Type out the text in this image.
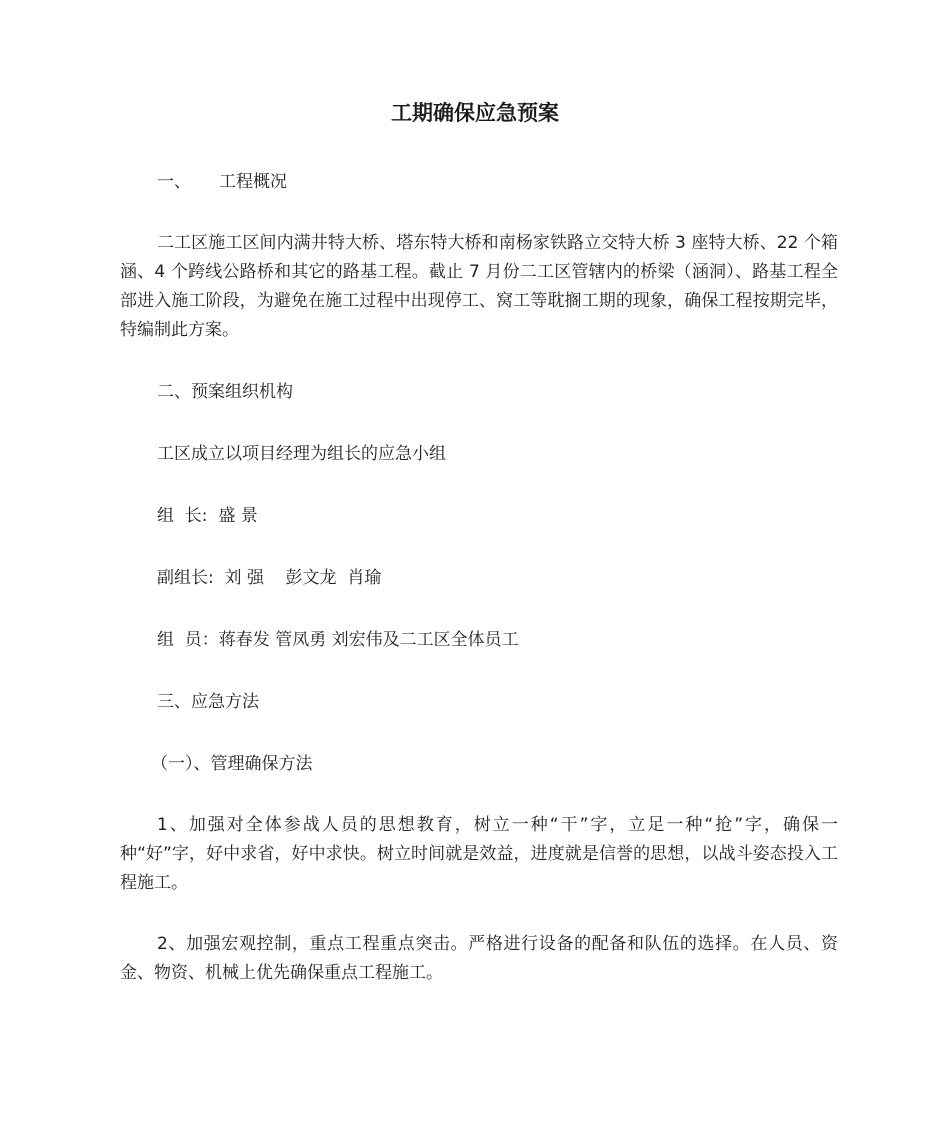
工期确保应急预案
一、 工程概况
二工区施工区间内满井特大桥、塔东特大桥和南杨家铁路立交特大桥 3 座特大桥、22 个箱涵、4 个跨线公路桥和其它的路基工程。截止 7 月份二工区管辖内的桥梁（涵洞）、路基工程全部进入施工阶段，为避免在施工过程中出现停工、窝工等耽搁工期的现象，确保工程按期完毕，特编制此方案。
二、预案组织机构
工区成立以项目经理为组长的应急小组
组  长:  盛 景
副组长:  刘 强    彭文龙  肖瑜
组  员：蒋春发 管凤勇 刘宏伟及二工区全体员工
三、应急方法
（一）、管理确保方法
1、加强对全体参战人员的思想教育，树立一种“干”字，立足一种“抢”字，确保一种“好”字，好中求省，好中求快。树立时间就是效益，进度就是信誉的思想，以战斗姿态投入工程施工。
2、加强宏观控制，重点工程重点突击。严格进行设备的配备和队伍的选择。在人员、资金、物资、机械上优先确保重点工程施工。
